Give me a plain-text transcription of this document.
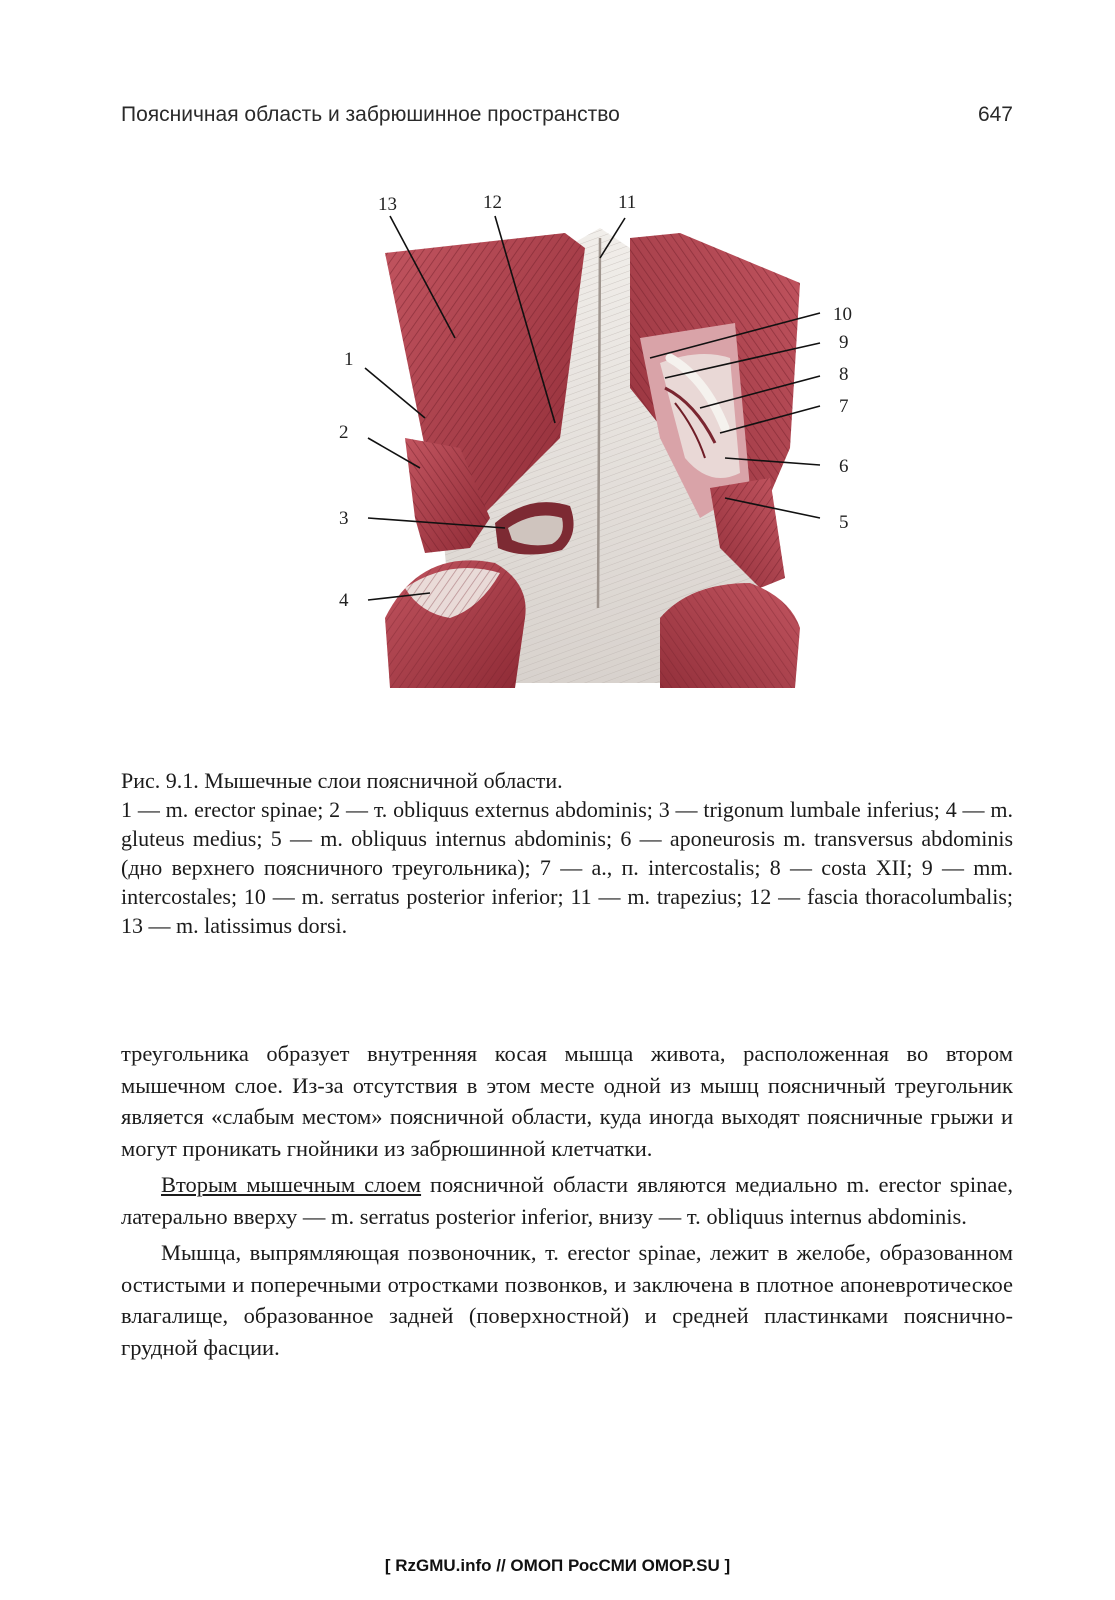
Поясничная область и забрюшинное пространство	647
1
2
3
4
5
6
7
8
9
10
11
12
13

Рис. 9.1. Мышечные слои поясничной области.

1 — m. erector spinae; 2 — т. obliquus externus abdominis; 3 — trigonum lumbale inferius; 4 — m. gluteus medius; 5 — m. obliquus internus abdominis; 6 — aponeurosis m. transversus abdominis (дно верхнего поясничного треугольника); 7 — а., п. intercostalis; 8 — costa XII; 9 — mm. intercostales; 10 — m. serratus posterior inferior; 11 — m. trapezius; 12 — fascia thoracolumbalis; 13 — m. latissimus dorsi.

треугольника образует внутренняя косая мышца живота, расположенная во втором мышечном слое. Из-за отсутствия в этом месте одной из мышц поясничный треугольник является «слабым местом» поясничной области, куда иногда выходят поясничные грыжи и могут проникать гнойники из забрюшинной клетчатки.

Вторым мышечным слоем поясничной области являются медиально m. erector spinae, латерально вверху — m. serratus posterior inferior, внизу — т. obliquus internus abdominis.

Мышца, выпрямляющая позвоночник, т. erector spinae, лежит в желобе, образованном остистыми и поперечными отростками позвонков, и заключена в плотное апоневротическое влагалище, образованное задней (поверхностной) и средней пластинками пояснично-грудной фасции.

[ RzGMU.info // ОМОП РосСМИ OMOP.SU ]
